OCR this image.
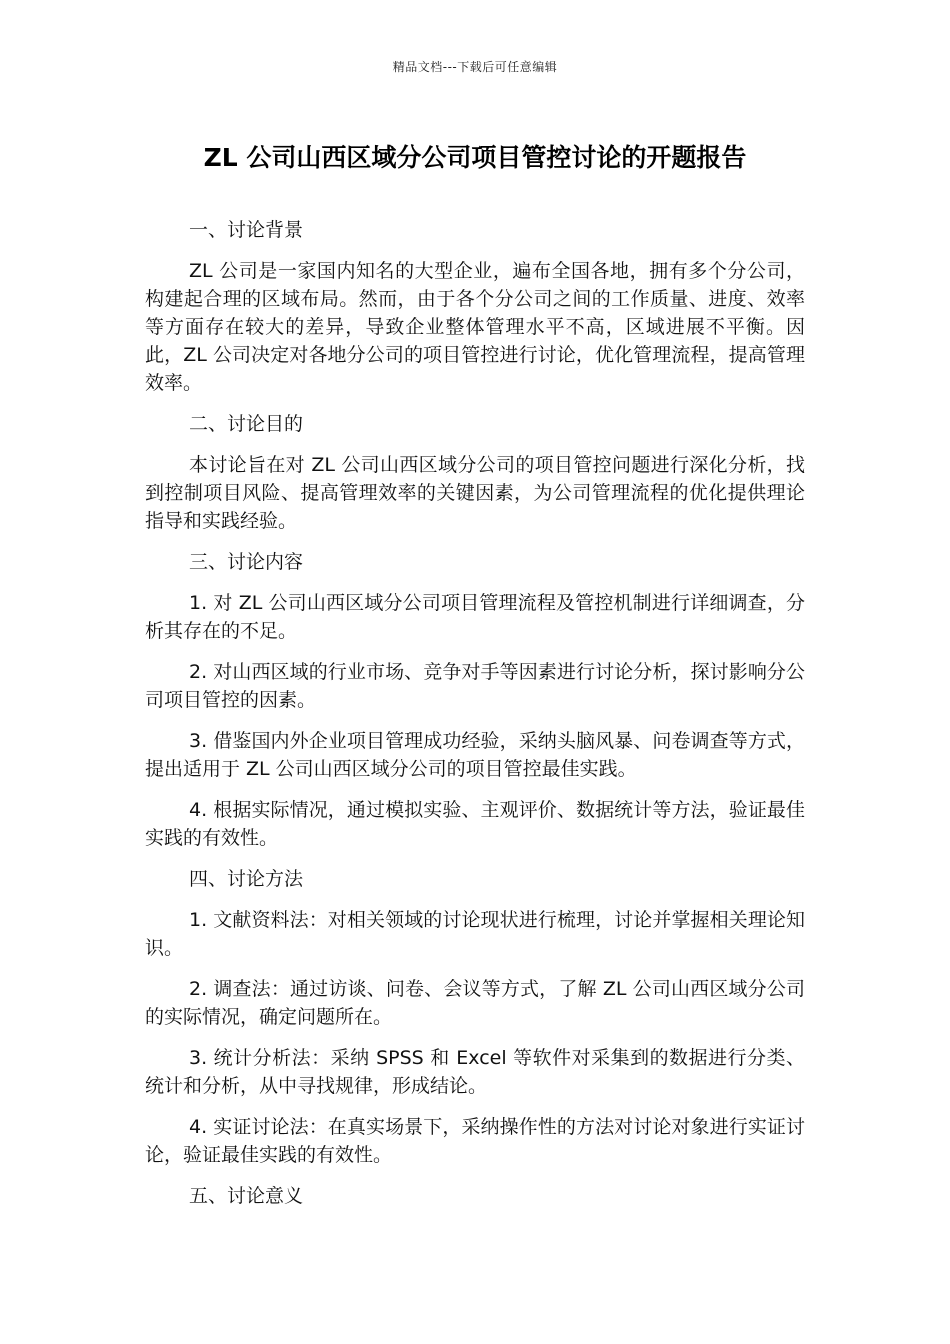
精品文档---下载后可任意编辑
ZL 公司山西区域分公司项目管控讨论的开题报告

一、讨论背景

ZL 公司是一家国内知名的大型企业，遍布全国各地，拥有多个分公司，构建起合理的区域布局。然而，由于各个分公司之间的工作质量、进度、效率等方面存在较大的差异，导致企业整体管理水平不高，区域进展不平衡。因此，ZL 公司决定对各地分公司的项目管控进行讨论，优化管理流程，提高管理效率。

二、讨论目的

本讨论旨在对 ZL 公司山西区域分公司的项目管控问题进行深化分析，找到控制项目风险、提高管理效率的关键因素，为公司管理流程的优化提供理论指导和实践经验。

三、讨论内容

1. 对 ZL 公司山西区域分公司项目管理流程及管控机制进行详细调查，分析其存在的不足。

2. 对山西区域的行业市场、竞争对手等因素进行讨论分析，探讨影响分公司项目管控的因素。

3. 借鉴国内外企业项目管理成功经验，采纳头脑风暴、问卷调查等方式，提出适用于 ZL 公司山西区域分公司的项目管控最佳实践。

4. 根据实际情况，通过模拟实验、主观评价、数据统计等方法，验证最佳实践的有效性。

四、讨论方法

1. 文献资料法：对相关领域的讨论现状进行梳理，讨论并掌握相关理论知识。

2. 调查法：通过访谈、问卷、会议等方式，了解 ZL 公司山西区域分公司的实际情况，确定问题所在。

3. 统计分析法：采纳 SPSS 和 Excel 等软件对采集到的数据进行分类、统计和分析，从中寻找规律，形成结论。

4. 实证讨论法：在真实场景下，采纳操作性的方法对讨论对象进行实证讨论，验证最佳实践的有效性。

五、讨论意义
